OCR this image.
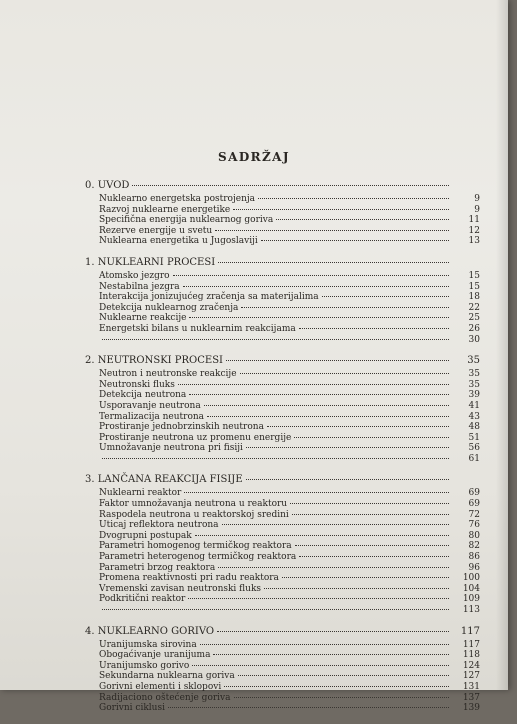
SADRŽAJ
0. UVOD
Nuklearno energetska postrojenja	9
Razvoj nuklearne energetike	9
Specifična energija nuklearnog goriva	11
Rezerve energije u svetu	12
Nuklearna energetika u Jugoslaviji	13
1. NUKLEARNI PROCESI
Atomsko jezgro	15
Nestabilna jezgra	15
Interakcija jonizujućeg zračenja sa materijalima	18
Detekcija nuklearnog zračenja	22
Nuklearne reakcije	25
Energetski bilans u nuklearnim reakcijama	26
30
2. NEUTRONSKI PROCESI	35
Neutron i neutronske reakcije	35
Neutronski fluks	35
Detekcija neutrona	39
Usporavanje neutrona	41
Termalizacija neutrona	43
Prostiranje jednobrzinskih neutrona	48
Prostiranje neutrona uz promenu energije	51
Umnožavanje neutrona pri fisiji	56
61
3. LANČANA REAKCIJA FISIJE
Nuklearni reaktor	69
Faktor umnožavanja neutrona u reaktoru	69
Raspodela neutrona u reaktorskoj sredini	72
Uticaj reflektora neutrona	76
Dvogrupni postupak	80
Parametri homogenog termičkog reaktora	82
Parametri heterogenog termičkog reaktora	86
Parametri brzog reaktora	96
Promena reaktivnosti pri radu reaktora	100
Vremenski zavisan neutronski fluks	104
Podkritični reaktor	109
113
4. NUKLEARNO GORIVO	117
Uranijumska sirovina	117
Obogaćivanje uranijuma	118
Uranijumsko gorivo	124
Sekundarna nuklearna goriva	127
Gorivni elementi i sklopovi	131
Radijaciono oštećenje goriva	137
Gorivni ciklusi	139
